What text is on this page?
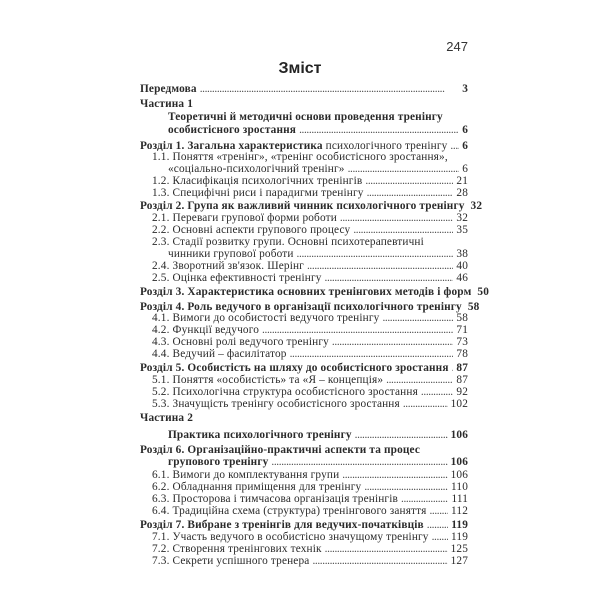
247
Зміст
Передмова . . .	3
Частина 1
Теоретичні й методичні основи проведення тренінгу
особистісного зростання . . .	6
Розділ 1. Загальна характеристика психологічного тренінгу . . . 6
1.1. Поняття «тренінг», «тренінг особистісного зростання»,
«соціально-психологічний тренінг» . . .	6
1.2. Класифікація психологічних тренінгів . . .	21
1.3. Специфічні риси і парадигми тренінгу . . .	28
Розділ 2. Група як важливий чинник психологічного тренінгу 32
2.1. Переваги групової форми роботи . . .	32
2.2. Основні аспекти групового процесу . . .	35
2.3. Стадії розвитку групи. Основні психотерапевтичні
чинники групової роботи . . .	38
2.4. Зворотний зв'язок. Шерінг . . .	40
2.5. Оцінка ефективності тренінгу . . .	46
Розділ 3. Характеристика основних тренінгових методів і форм 50
Розділ 4. Роль ведучого в організації психологічного тренінгу 58
4.1. Вимоги до особистості ведучого тренінгу . . .	58
4.2. Функції ведучого . . .	71
4.3. Основні ролі ведучого тренінгу . . .	73
4.4. Ведучий – фасилітатор . . .	78
Розділ 5. Особистість на шляху до особистісного зростання . . . 87
5.1. Поняття «особистість» та «Я – концепція» . . .	87
5.2. Психологічна структура особистісного зростання . . .	92
5.3. Значущість тренінгу особистісного зростання . . .	102
Частина 2
Практика психологічного тренінгу . . .	106
Розділ 6. Організаційно-практичні аспекти та процес
групового тренінгу . . .	106
6.1. Вимоги до комплектування групи . . .	106
6.2. Обладнання приміщення для тренінгу . . .	110
6.3. Просторова і тимчасова організація тренінгів . . .	111
6.4. Традиційна схема (структура) тренінгового заняття . . . 112
Розділ 7. Вибране з тренінгів для ведучих-початківців . . . 119
7.1. Участь ведучого в особистісно значущому тренінгу . . . 119
7.2. Створення тренінгових технік . . .	125
7.3. Секрети успішного тренера . . .	127
